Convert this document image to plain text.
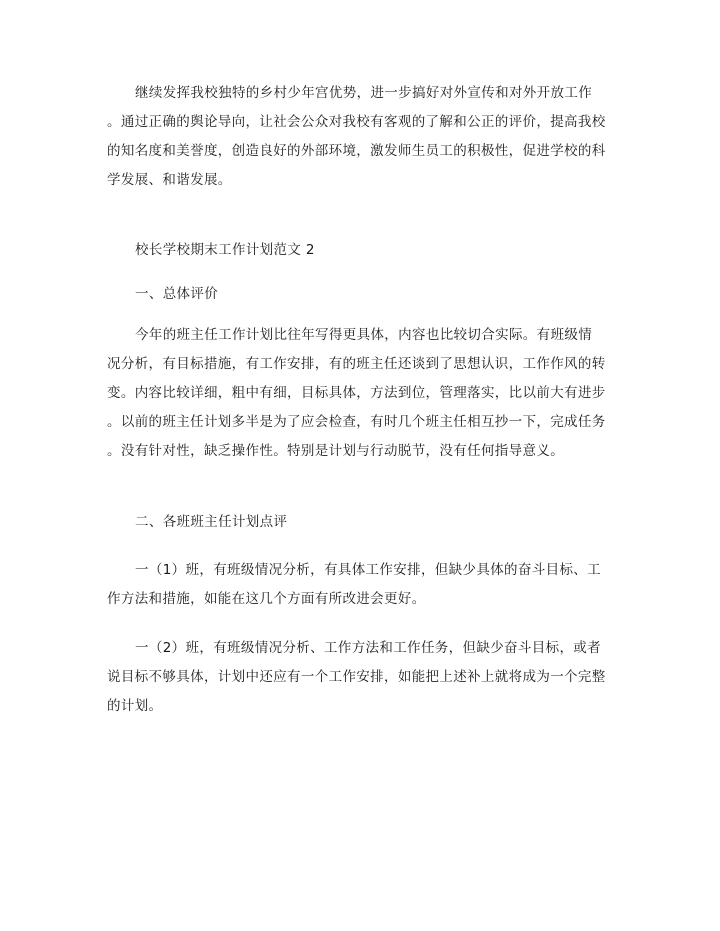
继续发挥我校独特的乡村少年宫优势，进一步搞好对外宣传和对外开放工作
。通过正确的舆论导向，让社会公众对我校有客观的了解和公正的评价，提高我校
的知名度和美誉度，创造良好的外部环境，激发师生员工的积极性，促进学校的科
学发展、和谐发展。

校长学校期末工作计划范文 2

一、总体评价

今年的班主任工作计划比往年写得更具体，内容也比较切合实际。有班级情
况分析，有目标措施，有工作安排，有的班主任还谈到了思想认识，工作作风的转
变。内容比较详细，粗中有细，目标具体，方法到位，管理落实，比以前大有进步
。以前的班主任计划多半是为了应会检查，有时几个班主任相互抄一下，完成任务
。没有针对性，缺乏操作性。特别是计划与行动脱节，没有任何指导意义。

二、各班班主任计划点评

一（1）班，有班级情况分析，有具体工作安排，但缺少具体的奋斗目标、工
作方法和措施，如能在这几个方面有所改进会更好。
一（2）班，有班级情况分析、工作方法和工作任务，但缺少奋斗目标，或者
说目标不够具体，计划中还应有一个工作安排，如能把上述补上就将成为一个完整
的计划。
